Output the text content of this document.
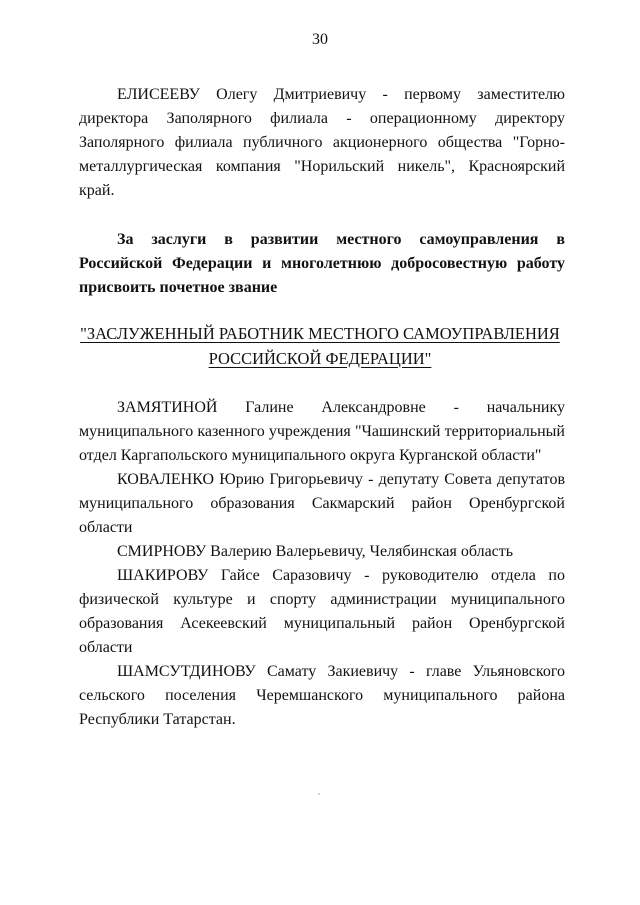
30

ЕЛИСЕЕВУ Олегу Дмитриевичу - первому заместителю директора Заполярного филиала - операционному директору Заполярного филиала публичного акционерного общества "Горно-металлургическая компания "Норильский никель", Красноярский край.

За заслуги в развитии местного самоуправления в Российской Федерации и многолетнюю добросовестную работу присвоить почетное звание

"ЗАСЛУЖЕННЫЙ РАБОТНИК МЕСТНОГО САМОУПРАВЛЕНИЯ
РОССИЙСКОЙ ФЕДЕРАЦИИ"

ЗАМЯТИНОЙ Галине Александровне - начальнику муниципального казенного учреждения "Чашинский территориальный отдел Каргапольского муниципального округа Курганской области"

КОВАЛЕНКО Юрию Григорьевичу - депутату Совета депутатов муниципального образования Сакмарский район Оренбургской области

СМИРНОВУ Валерию Валерьевичу, Челябинская область

ШАКИРОВУ Гайсе Саразовичу - руководителю отдела по физической культуре и спорту администрации муниципального образования Асекеевский муниципальный район Оренбургской области

ШАМСУТДИНОВУ Самату Закиевичу - главе Ульяновского сельского поселения Черемшанского муниципального района Республики Татарстан.
